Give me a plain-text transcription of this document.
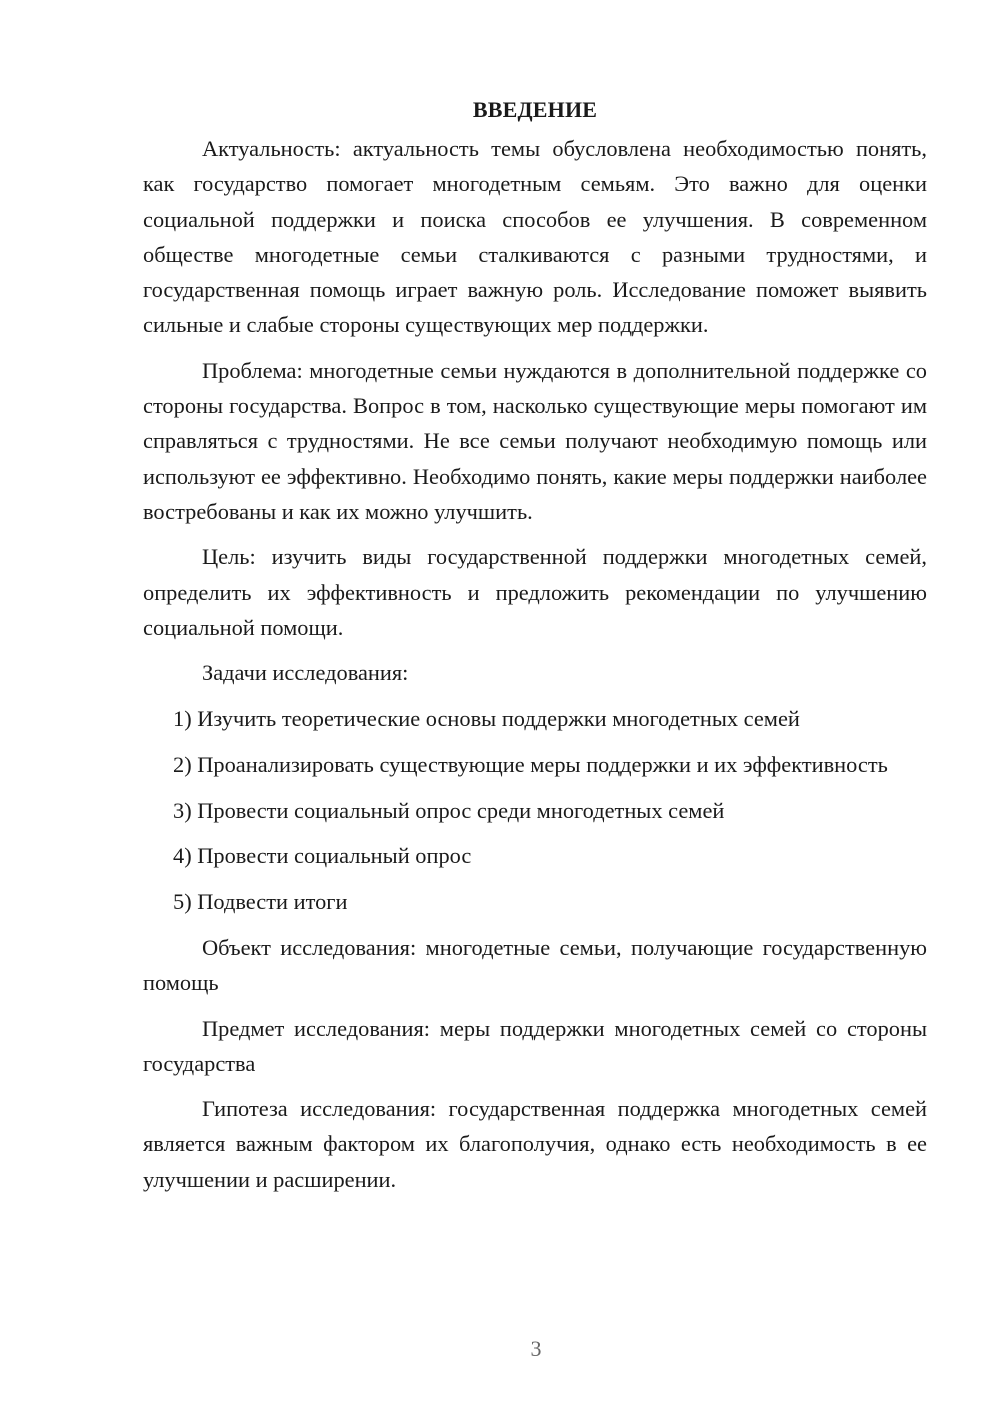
ВВЕДЕНИЕ

Актуальность: актуальность темы обусловлена необходимостью понять, как государство помогает многодетным семьям. Это важно для оценки социальной поддержки и поиска способов ее улучшения. В современном обществе многодетные семьи сталкиваются с разными трудностями, и государственная помощь играет важную роль. Исследование поможет выявить сильные и слабые стороны существующих мер поддержки.

Проблема: многодетные семьи нуждаются в дополнительной поддержке со стороны государства. Вопрос в том, насколько существующие меры помогают им справляться с трудностями. Не все семьи получают необходимую помощь или используют ее эффективно. Необходимо понять, какие меры поддержки наиболее востребованы и как их можно улучшить.

Цель: изучить виды государственной поддержки многодетных семей, определить их эффективность и предложить рекомендации по улучшению социальной помощи.

Задачи исследования:

1) Изучить теоретические основы поддержки многодетных семей

2) Проанализировать существующие меры поддержки и их эффективность

3) Провести социальный опрос среди многодетных семей

4) Провести социальный опрос

5) Подвести итоги

Объект исследования: многодетные семьи, получающие государственную помощь

Предмет исследования: меры поддержки многодетных семей со стороны государства

Гипотеза исследования: государственная поддержка многодетных семей является важным фактором их благополучия, однако есть необходимость в ее улучшении и расширении.

3
